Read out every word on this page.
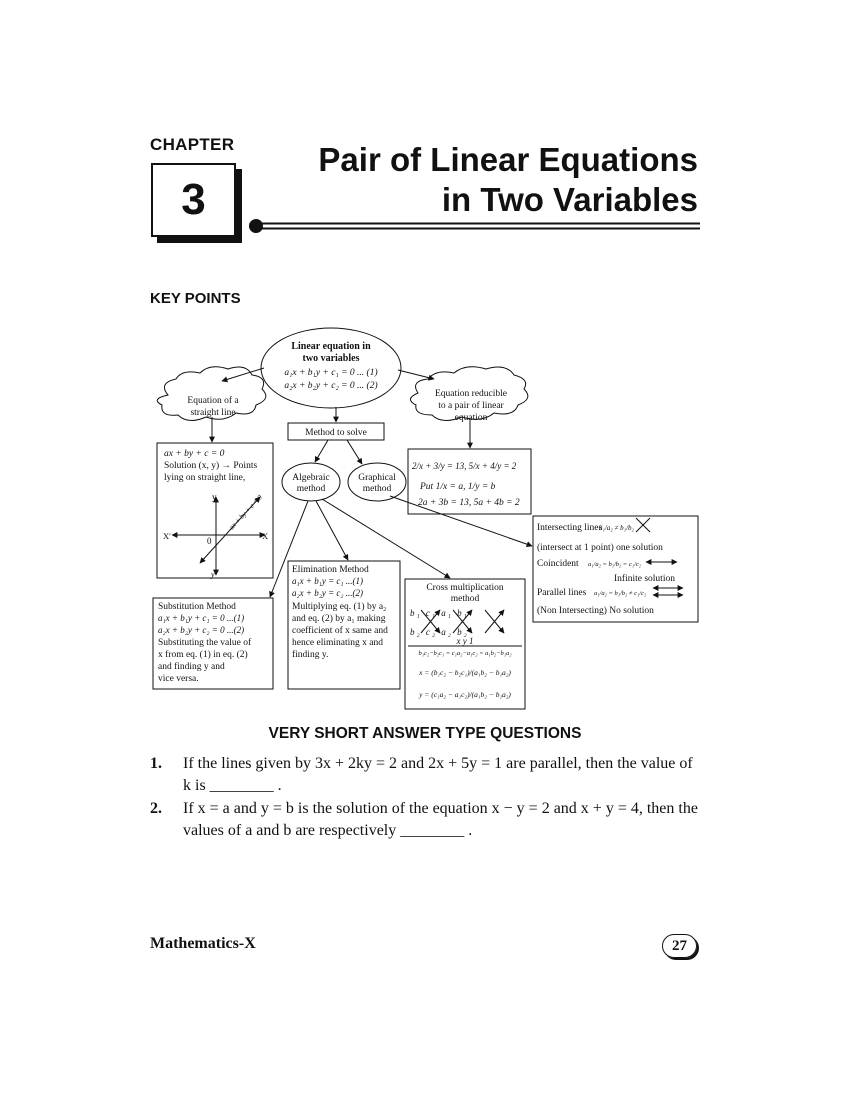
CHAPTER
3
Pair of Linear Equations
in Two Variables
KEY POINTS
Linear equation in
two variables
a₁x + b₁y + c₁ = 0 ... (1)
a₂x + b₂y + c₂ = 0 ... (2)
Equation of a
straight line
Equation reducible
to a pair of linear
equation
Method to solve
Algebraic
method
Graphical
method
ax + by + c = 0
Solution (x, y) → Points
lying on straight line,
ax + by + c = 0
X
X′
y
y′
0
2/x + 3/y = 13, 5/x + 4/y = 2
Put 1/x = a, 1/y = b
2a + 3b = 13, 5a + 4b = 2
Intersecting lines
a₁/a₂ ≠ b₁/b₂
(intersect at 1 point) one solution
Coincident a₁/a₂ = b₁/b₂ = c₁/c₂
Infinite solution
Parallel lines a₁/a₂ = b₁/b₂ ≠ c₁/c₂
(Non Intersecting) No solution
Substitution Method
a₁x + b₁y + c₁ = 0 ...(1)
a₂x + b₂y + c₂ = 0 ...(2)
Substituting the value of
x from eq. (1) in eq. (2)
and finding y and
vice versa.
Elimination Method
a₁x + b₁y = c₁ ...(1)
a₂x + b₂y = c₂ ...(2)
Multiplying eq. (1) by a₂
and eq. (2) by a₁ making
coefficient of x same and
hence eliminating x and
finding y.
Cross multiplication
method
b₁ c₁ a₁ b₁
b₂ c₂ a₂ b₂
x y 1
b₁c₂−b₂c₁ = c₁a₂−a₁c₂ = a₁b₂−b₁a₂
x = (b₁c₂ − b₂c₁)/(a₁b₂ − b₁a₂)
y = (c₁a₂ − a₁c₂)/(a₁b₂ − b₁a₂)
VERY SHORT ANSWER TYPE QUESTIONS
1. If the lines given by 3x + 2ky = 2 and 2x + 5y = 1 are parallel, then the value of k is ________ .
2. If x = a and y = b is the solution of the equation x − y = 2 and x + y = 4, then the values of a and b are respectively ________ .
Mathematics-X	27
